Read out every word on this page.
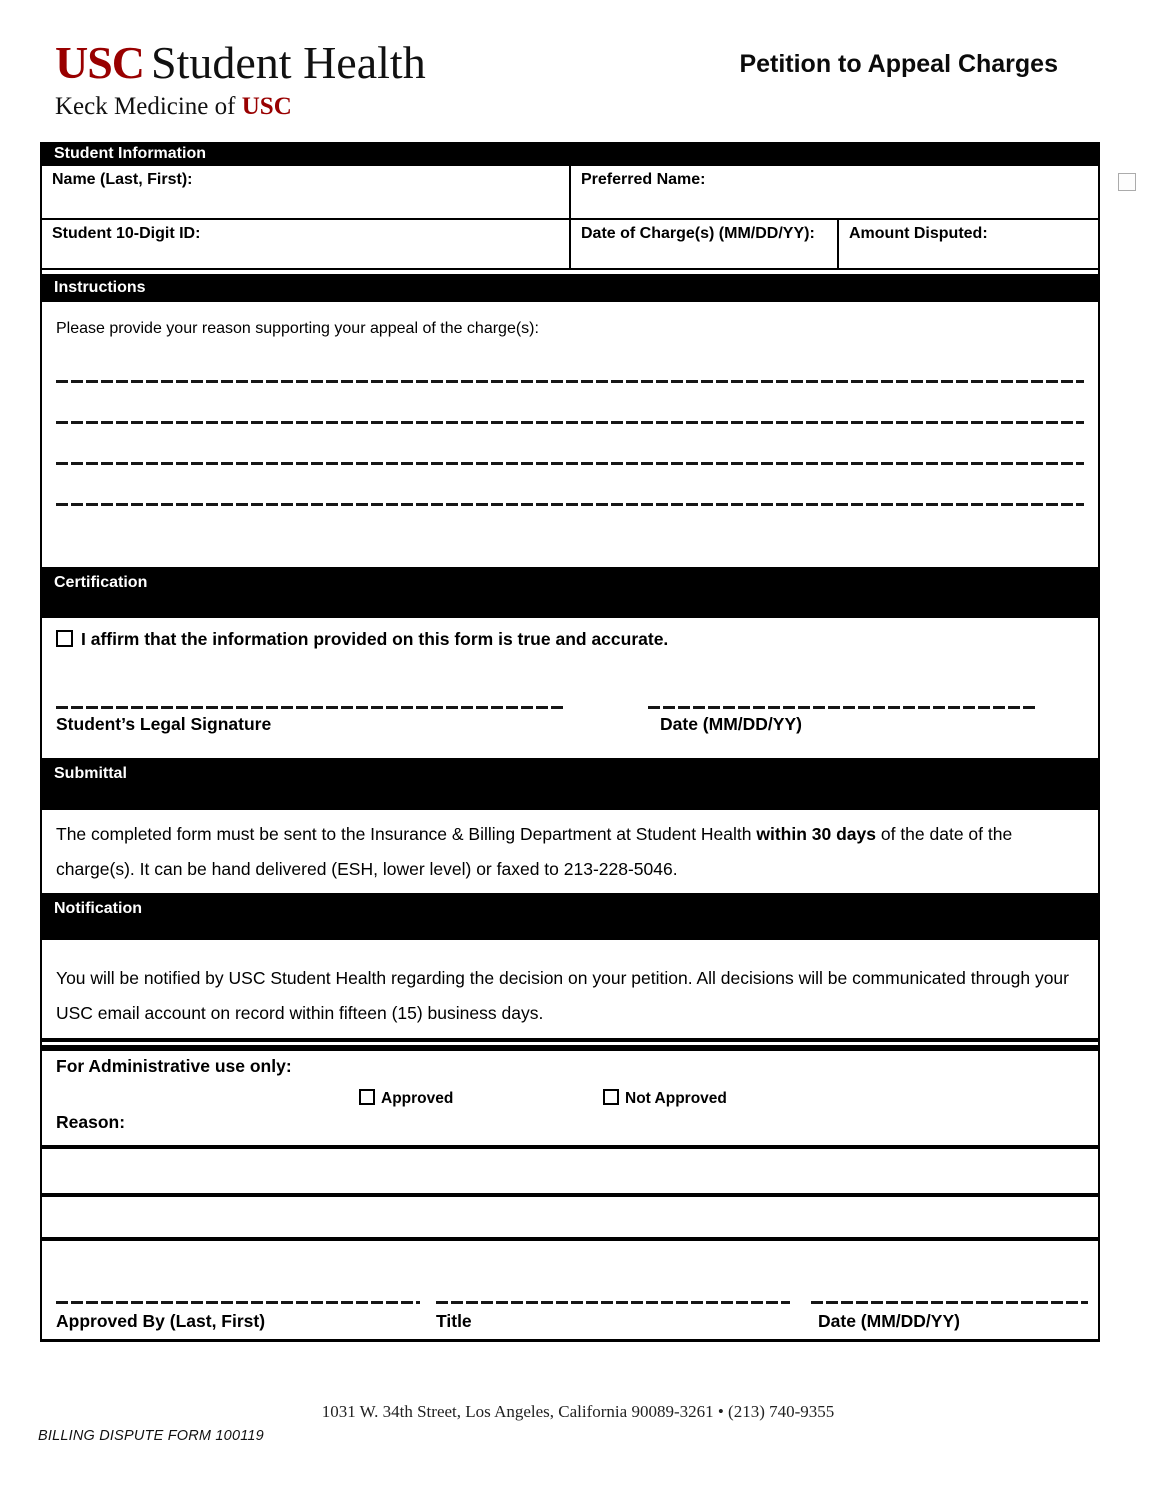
USC Student Health
Keck Medicine of USC
Petition to Appeal Charges
Student Information
Name (Last, First):	Preferred Name:
Student 10-Digit ID:	Date of Charge(s) (MM/DD/YY):	Amount Disputed:
Instructions
Please provide your reason supporting your appeal of the charge(s):
Certification
I affirm that the information provided on this form is true and accurate.
Student’s Legal Signature	Date (MM/DD/YY)
Submittal

The completed form must be sent to the Insurance & Billing Department at Student Health within 30 days of the date of the charge(s). It can be hand delivered (ESH, lower level) or faxed to 213-228-5046.

Notification

You will be notified by USC Student Health regarding the decision on your petition. All decisions will be communicated through your USC email account on record within fifteen (15) business days.

For Administrative use only:
Approved	Not Approved
Reason:
Approved By (Last, First)	Title	Date (MM/DD/YY)
1031 W. 34th Street, Los Angeles, California 90089-3261 • (213) 740-9355
BILLING DISPUTE FORM 100119
